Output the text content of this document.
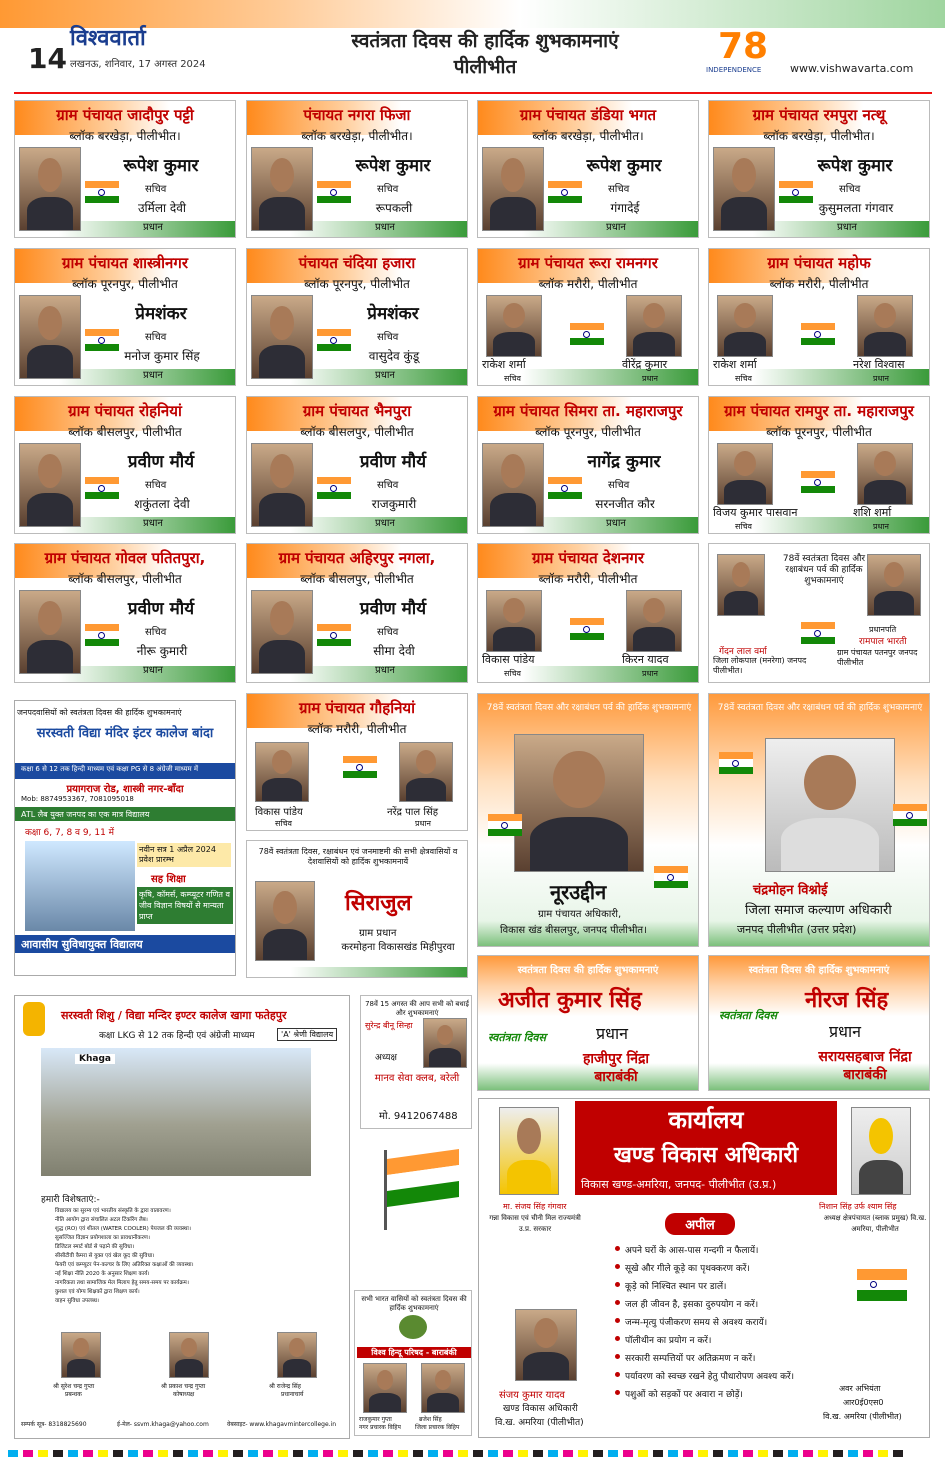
विश्ववार्ता
14 लखनऊ, शनिवार, 17 अगस्त 2024
स्वतंत्रता दिवस की हार्दिक शुभकामनाएं
पीलीभीत	78
INDEPENDENCE	www.vishwavarta.com
ग्राम पंचायत जादौपुर पट्टी
ब्लॉक बरखेड़ा, पीलीभीत।
रूपेश कुमार
सचिव
उर्मिला देवी
प्रधान
पंचायत नगरा फिजा
ब्लॉक बरखेड़ा, पीलीभीत।
रूपेश कुमार
सचिव
रूपकली
प्रधान
ग्राम पंचायत डंडिया भगत
ब्लॉक बरखेड़ा, पीलीभीत।
रूपेश कुमार
सचिव
गंगादेई
प्रधान
ग्राम पंचायत रमपुरा नत्थू
ब्लॉक बरखेड़ा, पीलीभीत।
रूपेश कुमार
सचिव
कुसुमलता गंगवार
प्रधान
ग्राम पंचायत शास्त्रीनगर
ब्लॉक पूरनपुर, पीलीभीत
प्रेमशंकर
सचिव
मनोज कुमार सिंह
प्रधान
पंचायत चंदिया हजारा
ब्लॉक पूरनपुर, पीलीभीत
प्रेमशंकर
सचिव
वासुदेव कुंडू
प्रधान
ग्राम पंचायत रूरा रामनगर
ब्लॉक मरौरी, पीलीभीत
राकेश शर्मा
सचिव
वीरेंद्र कुमार
प्रधान
ग्राम पंचायत महोफ
ब्लॉक मरौरी, पीलीभीत
राकेश शर्मा
सचिव
नरेश विश्वास
प्रधान
ग्राम पंचायत रोहनियां
ब्लॉक बीसलपुर, पीलीभीत
प्रवीण मौर्य
सचिव
शकुंतला देवी
प्रधान
ग्राम पंचायत भैनपुरा
ब्लॉक बीसलपुर, पीलीभीत
प्रवीण मौर्य
सचिव
राजकुमारी
प्रधान
ग्राम पंचायत सिमरा ता. महाराजपुर
ब्लॉक पूरनपुर, पीलीभीत
नागेंद्र कुमार
सचिव
सरनजीत कौर
प्रधान
ग्राम पंचायत रामपुर ता. महाराजपुर
ब्लॉक पूरनपुर, पीलीभीत
विजय कुमार पासवान
सचिव
शशि शर्मा
प्रधान
ग्राम पंचायत गोवल पतितपुरा,
ब्लॉक बीसलपुर, पीलीभीत
प्रवीण मौर्य
सचिव
नीरू कुमारी
प्रधान
ग्राम पंचायत अहिरपुर नगला,
ब्लॉक बीसलपुर, पीलीभीत
प्रवीण मौर्य
सचिव
सीमा देवी
प्रधान
ग्राम पंचायत देशनगर
ब्लॉक मरौरी, पीलीभीत
विकास पांडेय
सचिव
किरन यादव
प्रधान
78वें स्वतंत्रता दिवस और रक्षाबंधन पर्व की हार्दिक शुभकामनाएं
गेंदन लाल वर्मा
जिला लोकपाल (मनरेगा) जनपद पीलीभीत।
प्रधानपति
रामपाल भारती
ग्राम पंचायत पतनपुर जनपद पीलीभीत
जनपदवासियों को स्वतंत्रता दिवस की हार्दिक शुभकामनाएं
सरस्वती विद्या मंदिर इंटर कालेज बांदा
कक्षा 6 से 12 तक हिन्दी माध्यम एवं कक्षा PG से 8 अंग्रेजी माध्यम में
प्रयागराज रोड, शास्त्री नगर-बाँदा
Mob: 8874953367, 7081095018
ATL लैब युक्त जनपद का एक मात्र विद्यालय
कक्षा 6, 7, 8 व 9, 11 में
नवीन सत्र 1 अप्रैल 2024 प्रवेश प्रारम्भ
सह शिक्षा
कृषि, कॉमर्स, कम्प्यूटर गणित व जीव विज्ञान विषयों से मान्यता प्राप्त
आवासीय सुविधायुक्त विद्यालय
ग्राम पंचायत गौहनियां
ब्लॉक मरौरी, पीलीभीत
विकास पांडेय
सचिव
नरेंद्र पाल सिंह
प्रधान
78वें स्वतंत्रता दिवस, रक्षाबंधन एवं जनमाष्टमी की सभी क्षेत्रवासियों व देशवासियों को हार्दिक शुभकामनायें
सिराजुल
ग्राम प्रधान
करमोहना विकासखंड मिहीपुरवा
78वें स्वतंत्रता दिवस और रक्षाबंधन पर्व की हार्दिक शुभकामनाएं
नूरउद्दीन
ग्राम पंचायत अधिकारी,
विकास खंड बीसलपुर, जनपद पीलीभीत।
78वें स्वतंत्रता दिवस और रक्षाबंधन पर्व की हार्दिक शुभकामनाएं
चंद्रमोहन विश्नोई
जिला समाज कल्याण अधिकारी
जनपद पीलीभीत (उत्तर प्रदेश)
स्वतंत्रता दिवस की हार्दिक शुभकामनाएं
अजीत कुमार सिंह
स्वतंत्रता दिवस	प्रधान
हाजीपुर निंद्रा बाराबंकी
स्वतंत्रता दिवस की हार्दिक शुभकामनाएं
नीरज सिंह
स्वतंत्रता दिवस
प्रधान
सरायसहबाज निंद्रा बाराबंकी
सरस्वती शिशु / विद्या मन्दिर इण्टर कालेज खागा फतेहपुर
कक्षा LKG से 12 तक हिन्दी एवं अंग्रेजी माध्यम	'A' श्रेणी विद्यालय
Khaga
हमारी विशेषताएं:-
विद्यालय का सुरम्य एवं भारतीय संस्कृति के द्वारा वातावरण।
नीति आयोग द्वारा संचालित अटल टिंकरिंग लैब।
शुद्ध (RO) एवं शीतल (WATER COOLER) पेयजल की व्यवस्था।
सुसज्जित विज्ञान प्रयोगशाला का प्रावधानीकरण।
डिजिटल स्मार्ट बोर्ड से पढ़ाने की सुविधा।
सीसीटीवी कैमरा से युक्त एवं खेल कूद की सुविधा।
फेयरी एवं कम्प्यूटर पेन-कल्चर के लिए अतिरिक्त कक्षाओं की व्यवस्था।
नई शिक्षा नीति 2020 के अनुसार शिक्षण कार्य।
नागरिकता तथा सामाजिक मेल मिलाप हेतु समय-समय पर कार्यक्रम।
कुशल एवं योग्य शिक्षकों द्वारा शिक्षण कार्य।
वाहन सुविधा उपलब्ध।
श्री सुरेश चन्द्र गुप्ता
प्रबन्धक
श्री प्रकाश चन्द्र गुप्ता
कोषाध्यक्ष
श्री राजेन्द्र सिंह
प्रधानाचार्य
सम्पर्क सूत्र- 8318825690	ई-मेल- ssvm.khaga@yahoo.com	वेबसाइट- www.khagavmintercollege.in
78वें 15 अगस्त की आप सभी को बधाई और शुभकामनाएं
सुरेन्द्र बीनू सिन्हा
अध्यक्ष
मानव सेवा क्लब, बरेली
मो. 9412067488
सभी भारत वासियों को स्वतंत्रता दिवस की हार्दिक शुभकामनाएं
विश्व हिन्दू परिषद - बाराबंकी
राजकुमार गुप्ता
नगर प्रचारक विहिप
ब्रजेश सिंह
जिला प्रचारक विहिप
कार्यालय
खण्ड विकास अधिकारी
विकास खण्ड-अमरिया, जनपद- पीलीभीत (उ.प्र.)
मा. संजय सिंह गंगवार
गन्ना विकास एवं चीनी मिल राज्यमंत्री उ.प्र. सरकार
निशान सिंह उर्फ श्याम सिंह
अध्यक्ष क्षेत्रपंचायत (ब्लाक प्रमुख) वि.ख. अमरिया, पीलीभीत
अपील
अपने घरों के आस-पास गन्दगी न फैलायें।
सूखे और गीले कूड़े का पृथक्करण करें।
कूड़े को निश्चित स्थान पर डालें।
जल ही जीवन है, इसका दुरुपयोग न करें।
जन्म-मृत्यु पंजीकरण समय से अवश्य करायें।
पॉलीथीन का प्रयोग न करें।
सरकारी सम्पत्तियों पर अतिक्रमण न करें।
पर्यावरण को स्वच्छ रखने हेतु पौधारोपण अवश्य करें।
पशुओं को सड़कों पर अवारा न छोड़ें।
संजय कुमार यादव
खण्ड विकास अधिकारी
वि.ख. अमरिया (पीलीभीत)
अवर अभियंता
आर0ई0एस0
वि.ख. अमरिया (पीलीभीत)
